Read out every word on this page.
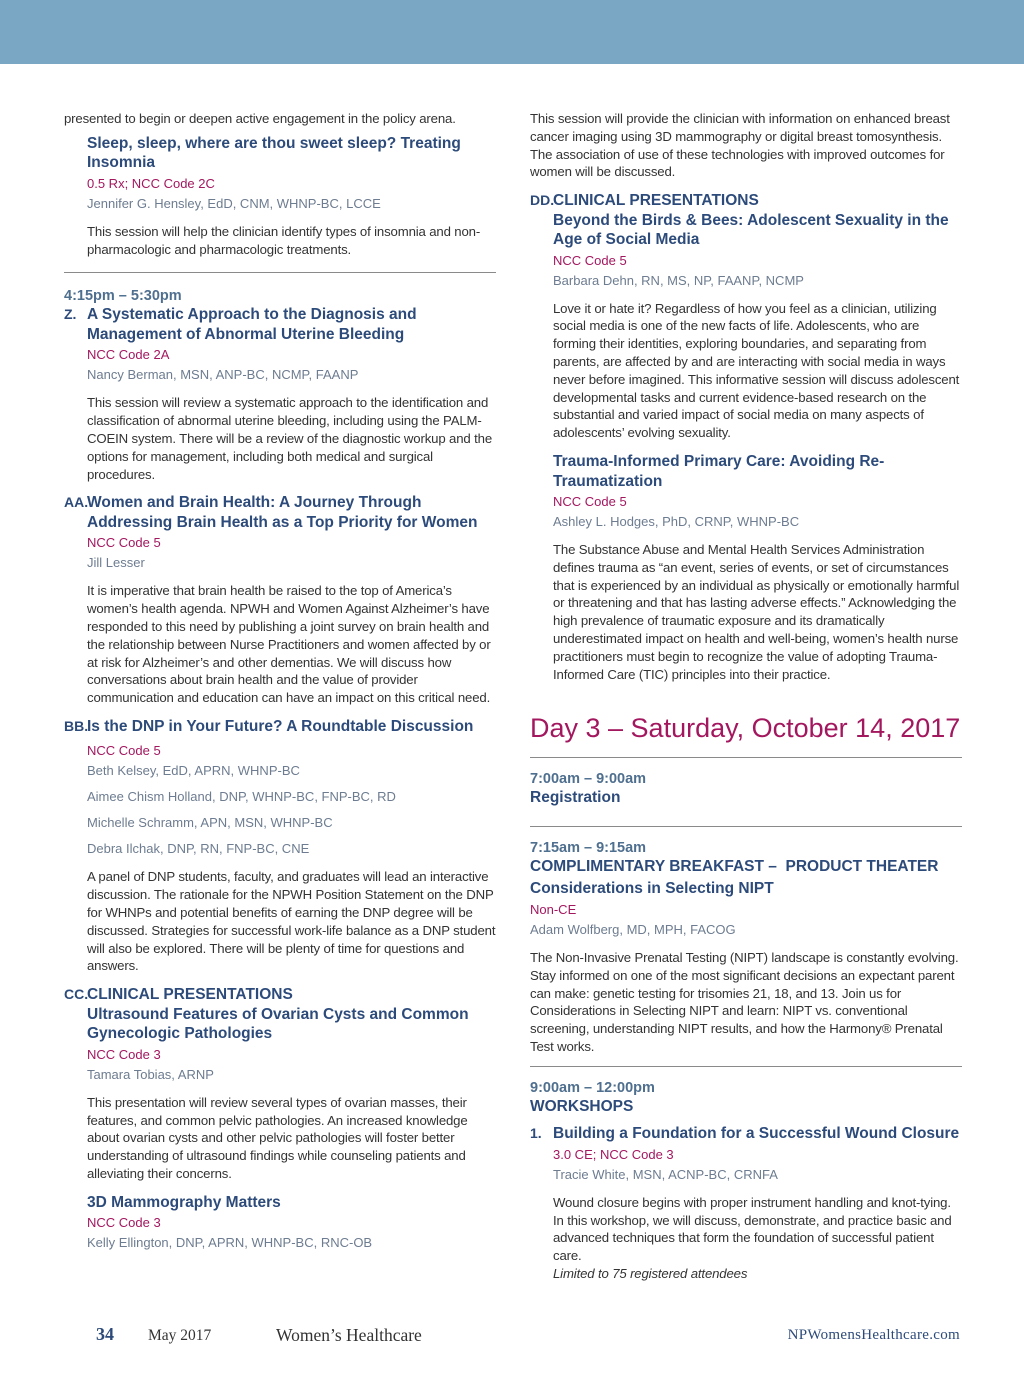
presented to begin or deepen active engagement in the policy arena.

Sleep, sleep, where are thou sweet sleep? Treating Insomnia

0.5 Rx; NCC Code 2C

Jennifer G. Hensley, EdD, CNM, WHNP-BC, LCCE

This session will help the clinician identify types of insomnia and non-pharmacologic and pharmacologic treatments.

4:15pm – 5:30pm

Z. A Systematic Approach to the Diagnosis and Management of Abnormal Uterine Bleeding

NCC Code 2A

Nancy Berman, MSN, ANP-BC, NCMP, FAANP

This session will review a systematic approach to the identification and classification of abnormal uterine bleeding, including using the PALM-COEIN system. There will be a review of the diagnostic workup and the options for management, including both medical and surgical procedures.

AA.

Women and Brain Health: A Journey Through Addressing Brain Health as a Top Priority for Women

NCC Code 5

Jill Lesser

It is imperative that brain health be raised to the top of America’s women’s health agenda. NPWH and Women Against Alzheimer’s have responded to this need by publishing a joint survey on brain health and the relationship between Nurse Practitioners and women affected by or at risk for Alzheimer’s and other dementias. We will discuss how conversations about brain health and the value of provider communication and education can have an impact on this critical need.

BB.

Is the DNP in Your Future? A Roundtable Discussion

NCC Code 5

Beth Kelsey, EdD, APRN, WHNP-BC

Aimee Chism Holland, DNP, WHNP-BC, FNP-BC, RD

Michelle Schramm, APN, MSN, WHNP-BC

Debra Ilchak, DNP, RN, FNP-BC, CNE

A panel of DNP students, faculty, and graduates will lead an interactive discussion. The rationale for the NPWH Position Statement on the DNP for WHNPs and potential benefits of earning the DNP degree will be discussed. Strategies for successful work-life balance as a DNP student will also be explored. There will be plenty of time for questions and answers.

CC.

CLINICAL PRESENTATIONS

Ultrasound Features of Ovarian Cysts and Common Gynecologic Pathologies

NCC Code 3

Tamara Tobias, ARNP

This presentation will review several types of ovarian masses, their features, and common pelvic pathologies. An increased knowledge about ovarian cysts and other pelvic pathologies will foster better understanding of ultrasound findings while counseling patients and alleviating their concerns.

3D Mammography Matters

NCC Code 3

Kelly Ellington, DNP, APRN, WHNP-BC, RNC-OB

This session will provide the clinician with information on enhanced breast cancer imaging using 3D mammography or digital breast tomosynthesis. The association of use of these technologies with improved outcomes for women will be discussed.

DD.

CLINICAL PRESENTATIONS

Beyond the Birds & Bees: Adolescent Sexuality in the Age of Social Media

NCC Code 5

Barbara Dehn, RN, MS, NP, FAANP, NCMP

Love it or hate it? Regardless of how you feel as a clinician, utilizing social media is one of the new facts of life. Adolescents, who are forming their identities, exploring boundaries, and separating from parents, are affected by and are interacting with social media in ways never before imagined. This informative session will discuss adolescent developmental tasks and current evidence-based research on the substantial and varied impact of social media on many aspects of adolescents’ evolving sexuality.

Trauma-Informed Primary Care: Avoiding Re-Traumatization

NCC Code 5

Ashley L. Hodges, PhD, CRNP, WHNP-BC

The Substance Abuse and Mental Health Services Administration defines trauma as “an event, series of events, or set of circumstances that is experienced by an individual as physically or emotionally harmful or threatening and that has lasting adverse effects.” Acknowledging the high prevalence of traumatic exposure and its dramatically underestimated impact on health and well-being, women’s health nurse practitioners must begin to recognize the value of adopting Trauma-Informed Care (TIC) principles into their practice.

Day 3 – Saturday, October 14, 2017

7:00am – 9:00am

Registration

7:15am – 9:15am

COMPLIMENTARY BREAKFAST –  PRODUCT THEATER

Considerations in Selecting NIPT

Non-CE

Adam Wolfberg, MD, MPH, FACOG

The Non-Invasive Prenatal Testing (NIPT) landscape is constantly evolving. Stay informed on one of the most significant decisions an expectant parent can make: genetic testing for trisomies 21, 18, and 13. Join us for Considerations in Selecting NIPT and learn: NIPT vs. conventional screening, understanding NIPT results, and how the Harmony® Prenatal Test works.

9:00am – 12:00pm

WORKSHOPS

1. Building a Foundation for a Successful Wound Closure

3.0 CE; NCC Code 3

Tracie White, MSN, ACNP-BC, CRNFA

Wound closure begins with proper instrument handling and knot-tying. In this workshop, we will discuss, demonstrate, and practice basic and advanced techniques that form the foundation of successful patient care.

Limited to 75 registered attendees

34 May 2017	Women’s Healthcare	NPWomensHealthcare.com
